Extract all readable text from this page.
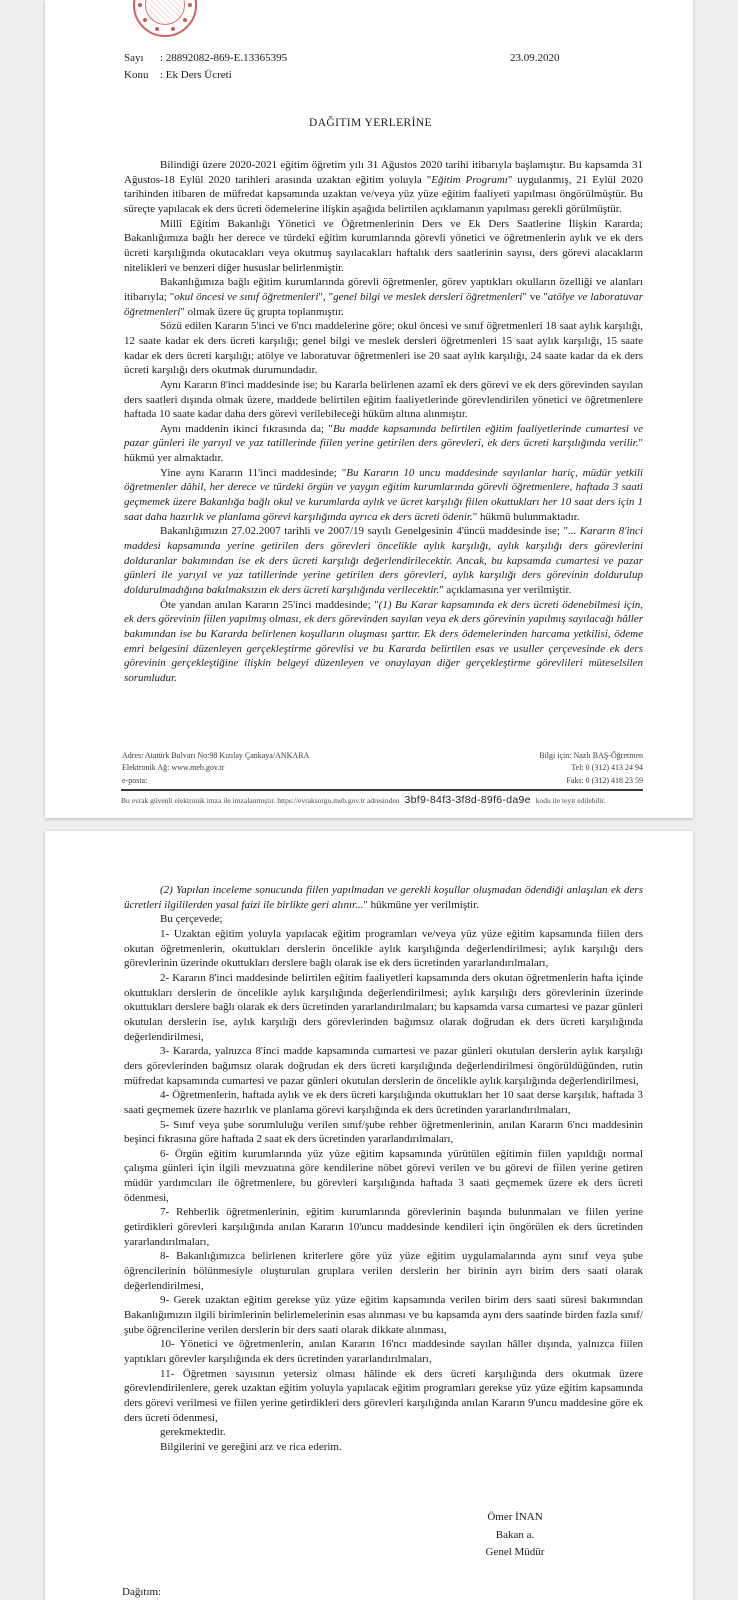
Sayı : 28892082-869-E.13365395	23.09.2020
Konu : Ek Ders Ücreti
DAĞITIM YERLERİNE

Bilindiği üzere 2020-2021 eğitim öğretim yılı 31 Ağustos 2020 tarihi itibarıyla başlamıştır. Bu kapsamda 31 Ağustos-18 Eylül 2020 tarihleri arasında uzaktan eğitim yoluyla "Eğitim Programı" uygulanmış, 21 Eylül 2020 tarihinden itibaren de müfredat kapsamında uzaktan ve/veya yüz yüze eğitim faaliyeti yapılması öngörülmüştür. Bu süreçte yapılacak ek ders ücreti ödemelerine ilişkin aşağıda belirtilen açıklamanın yapılması gerekli görülmüştür.

Millî Eğitim Bakanlığı Yönetici ve Öğretmenlerinin Ders ve Ek Ders Saatlerine İlişkin Kararda; Bakanlığımıza bağlı her derece ve türdeki eğitim kurumlarında görevli yönetici ve öğretmenlerin aylık ve ek ders ücreti karşılığında okutacakları veya okutmuş sayılacakları haftalık ders saatlerinin sayısı, ders görevi alacakların nitelikleri ve benzeri diğer hususlar belirlenmiştir.

Bakanlığımıza bağlı eğitim kurumlarında görevli öğretmenler, görev yaptıkları okulların özelliği ve alanları itibarıyla; "okul öncesi ve sınıf öğretmenleri", "genel bilgi ve meslek dersleri öğretmenleri" ve "atölye ve laboratuvar öğretmenleri" olmak üzere üç grupta toplanmıştır.

Sözü edilen Kararın 5'inci ve 6'ncı maddelerine göre; okul öncesi ve sınıf öğretmenleri 18 saat aylık karşılığı, 12 saate kadar ek ders ücreti karşılığı; genel bilgi ve meslek dersleri öğretmenleri 15 saat aylık karşılığı, 15 saate kadar ek ders ücreti karşılığı; atölye ve laboratuvar öğretmenleri ise 20 saat aylık karşılığı, 24 saate kadar da ek ders ücreti karşılığı ders okutmak durumundadır.

Aynı Kararın 8'inci maddesinde ise; bu Kararla belirlenen azamî ek ders görevi ve ek ders görevinden sayılan ders saatleri dışında olmak üzere, maddede belirtilen eğitim faaliyetlerinde görevlendirilen yönetici ve öğretmenlere haftada 10 saate kadar daha ders görevi verilebileceği hüküm altına alınmıştır.

Aynı maddenin ikinci fıkrasında da; "Bu madde kapsamında belirtilen eğitim faaliyetlerinde cumartesi ve pazar günleri ile yarıyıl ve yaz tatillerinde fiilen yerine getirilen ders görevleri, ek ders ücreti karşılığında verilir." hükmü yer almaktadır.

Yine aynı Kararın 11'inci maddesinde; "Bu Kararın 10 uncu maddesinde sayılanlar hariç, müdür yetkili öğretmenler dâhil, her derece ve türdeki örgün ve yaygın eğitim kurumlarında görevli öğretmenlere, haftada 3 saati geçmemek üzere Bakanlığa bağlı okul ve kurumlarda aylık ve ücret karşılığı fiilen okuttukları her 10 saat ders için 1 saat daha hazırlık ve planlama görevi karşılığında ayrıca ek ders ücreti ödenir." hükmü bulunmaktadır.

Bakanlığımızın 27.02.2007 tarihli ve 2007/19 sayılı Genelgesinin 4'üncü maddesinde ise; "... Kararın 8'inci maddesi kapsamında yerine getirilen ders görevleri öncelikle aylık karşılığı, aylık karşılığı ders görevlerini dolduranlar bakımından ise ek ders ücreti karşılığı değerlendirilecektir. Ancak, bu kapsamda cumartesi ve pazar günleri ile yarıyıl ve yaz tatillerinde yerine getirilen ders görevleri, aylık karşılığı ders görevinin doldurulup doldurulmadığına bakılmaksızın ek ders ücreti karşılığında verilecektir." açıklamasına yer verilmiştir.

Öte yandan anılan Kararın 25'inci maddesinde; "(1) Bu Karar kapsamında ek ders ücreti ödenebilmesi için, ek ders görevinin fiilen yapılmış olması, ek ders görevinden sayılan veya ek ders görevinin yapılmış sayılacağı hâller bakımından ise bu Kararda belirlenen koşulların oluşması şarttır. Ek ders ödemelerinden harcama yetkilisi, ödeme emri belgesini düzenleyen gerçekleştirme görevlisi ve bu Kararda belirtilen esas ve usuller çerçevesinde ek ders görevinin gerçekleştiğine ilişkin belgeyi düzenleyen ve onaylayan diğer gerçekleştirme görevlileri müteselsilen sorumludur.

Adres: Atatürk Bulvarı No:98 Kızılay Çankaya/ANKARA
Elektronik Ağ: www.meb.gov.tr
e-posta:
Bilgi için: Nazlı BAŞ-Öğretmen
Tel: 0 (312) 413 24 94
Faks: 0 (312) 418 23 59
Bu evrak güvenli elektronik imza ile imzalanmıştır. https://evraksorgu.meb.gov.tr adresinden 3bf9-84f3-3f8d-89f6-da9e kodu ile teyit edilebilir.

(2) Yapılan inceleme sonucunda fiilen yapılmadan ve gerekli koşullar oluşmadan ödendiği anlaşılan ek ders ücretleri ilgililerden yasal faizi ile birlikte geri alınır..." hükmüne yer verilmiştir.

Bu çerçevede;

1- Uzaktan eğitim yoluyla yapılacak eğitim programları ve/veya yüz yüze eğitim kapsamında fiilen ders okutan öğretmenlerin, okuttukları derslerin öncelikle aylık karşılığında değerlendirilmesi; aylık karşılığı ders görevlerinin üzerinde okuttukları derslere bağlı olarak ise ek ders ücretinden yararlandırılmaları,

2- Kararın 8'inci maddesinde belirtilen eğitim faaliyetleri kapsamında ders okutan öğretmenlerin hafta içinde okuttukları derslerin de öncelikle aylık karşılığında değerlendirilmesi; aylık karşılığı ders görevlerinin üzerinde okuttukları derslere bağlı olarak ek ders ücretinden yararlandırılmaları; bu kapsamda varsa cumartesi ve pazar günleri okutulan derslerin ise, aylık karşılığı ders görevlerinden bağımsız olarak doğrudan ek ders ücreti karşılığında değerlendirilmesi,

3- Kararda, yalnızca 8'inci madde kapsamında cumartesi ve pazar günleri okutulan derslerin aylık karşılığı ders görevlerinden bağımsız olarak doğrudan ek ders ücreti karşılığında değerlendirilmesi öngörüldüğünden, rutin müfredat kapsamında cumartesi ve pazar günleri okutulan derslerin de öncelikle aylık karşılığında değerlendirilmesi,

4- Öğretmenlerin, haftada aylık ve ek ders ücreti karşılığında okuttukları her 10 saat derse karşılık, haftada 3 saati geçmemek üzere hazırlık ve planlama görevi karşılığında ek ders ücretinden yararlandırılmaları,

5- Sınıf veya şube sorumluluğu verilen sınıf/şube rehber öğretmenlerinin, anılan Kararın 6'ncı maddesinin beşinci fıkrasına göre haftada 2 saat ek ders ücretinden yararlandırılmaları,

6- Örgün eğitim kurumlarında yüz yüze eğitim kapsamında yürütülen eğitimin fiilen yapıldığı normal çalışma günleri için ilgili mevzuatına göre kendilerine nöbet görevi verilen ve bu görevi de fiilen yerine getiren müdür yardımcıları ile öğretmenlere, bu görevleri karşılığında haftada 3 saati geçmemek üzere ek ders ücreti ödenmesi,

7- Rehberlik öğretmenlerinin, eğitim kurumlarında görevlerinin başında bulunmaları ve fiilen yerine getirdikleri görevleri karşılığında anılan Kararın 10'uncu maddesinde kendileri için öngörülen ek ders ücretinden yararlandırılmaları,

8- Bakanlığımızca belirlenen kriterlere göre yüz yüze eğitim uygulamalarında aynı sınıf veya şube öğrencilerinin bölünmesiyle oluşturulan gruplara verilen derslerin her birinin ayrı birim ders saati olarak değerlendirilmesi,

9- Gerek uzaktan eğitim gerekse yüz yüze eğitim kapsamında verilen birim ders saati süresi bakımından Bakanlığımızın ilgili birimlerinin belirlemelerinin esas alınması ve bu kapsamda aynı ders saatinde birden fazla sınıf/şube öğrencilerine verilen derslerin bir ders saati olarak dikkate alınması,

10- Yönetici ve öğretmenlerin, anılan Kararın 16'ncı maddesinde sayılan hâller dışında, yalnızca fiilen yaptıkları görevler karşılığında ek ders ücretinden yararlandırılmaları,

11- Öğretmen sayısının yetersiz olması hâlinde ek ders ücreti karşılığında ders okutmak üzere görevlendirilenlere, gerek uzaktan eğitim yoluyla yapılacak eğitim programları gerekse yüz yüze eğitim kapsamında ders görevi verilmesi ve fiilen yerine getirdikleri ders görevleri karşılığında anılan Kararın 9'uncu maddesine göre ek ders ücreti ödenmesi,

gerekmektedir.

Bilgilerini ve gereğini arz ve rica ederim.

Ömer İNAN
Bakan a.
Genel Müdür
Dağıtım:
